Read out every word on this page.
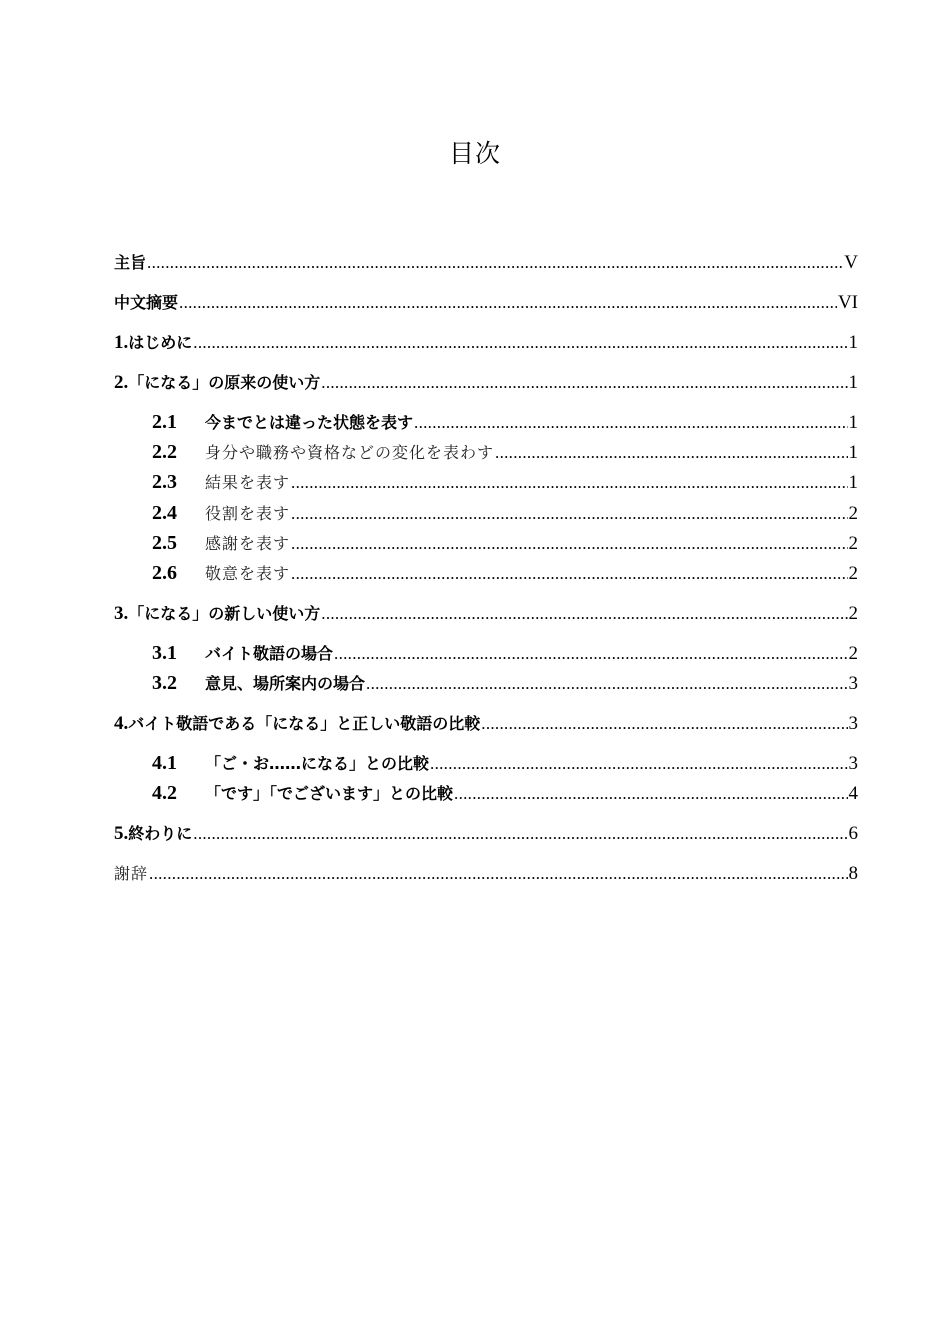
目次
主旨 .....	V
中文摘要 .....	VI
1. はじめに .....	1
2. 「になる」の原来の使い方 .....	1
2.1	今までとは違った状態を表す .....	1
2.2	身分や職務や資格などの変化を表わす .....	1
2.3	結果を表す .....	1
2.4	役割を表す .....	2
2.5	感謝を表す .....	2
2.6	敬意を表す .....	2
3. 「になる」の新しい使い方 .....	2
3.1	バイト敬語の場合 .....	2
3.2	意見、場所案内の場合 .....	3
4. バイト敬語である「になる」と正しい敬語の比較 .....	3
4.1	「ご・お……になる」との比較 .....	3
4.2	「です」「でございます」との比較 .....	4
5. 終わりに .....	6
謝辞 .....	8
